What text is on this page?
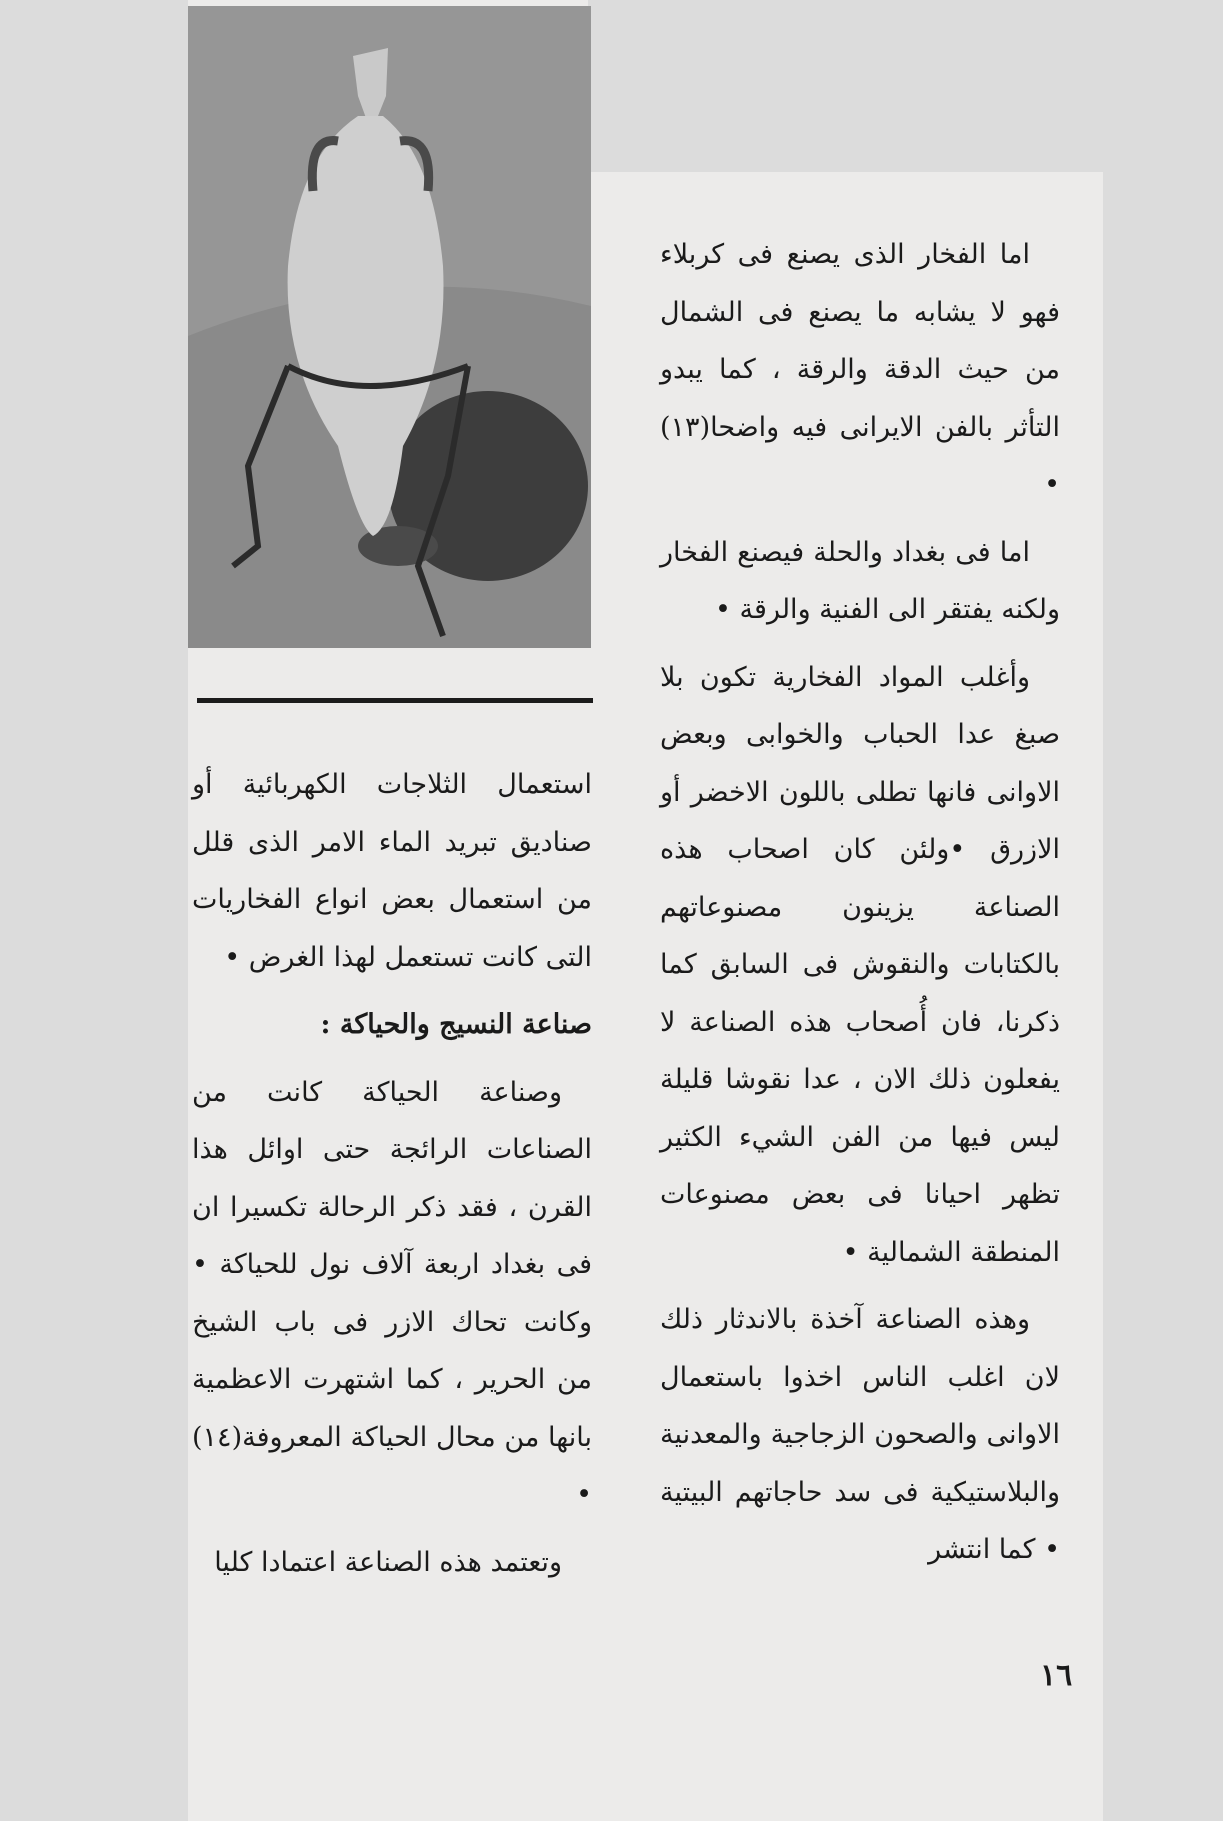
اما الفخار الذى يصنع فى كربلاء فهو لا يشابه ما يصنع فى الشمال من حيث الدقة والرقة ، كما يبدو التأثر بالفن الايرانى فيه واضحا(١٣) •

اما فى بغداد والحلة فيصنع الفخار ولكنه يفتقر الى الفنية والرقة •

وأغلب المواد الفخارية تكون بلا صبغ عدا الحباب والخوابى وبعض الاوانى فانها تطلى باللون الاخضر أو الازرق •ولئن كان اصحاب هذه الصناعة يزينون مصنوعاتهم بالكتابات والنقوش فى السابق كما ذكرنا، فان أُصحاب هذه الصناعة لا يفعلون ذلك الان ، عدا نقوشا قليلة ليس فيها من الفن الشيء الكثير تظهر احيانا فى بعض مصنوعات المنطقة الشمالية •

وهذه الصناعة آخذة بالاندثار ذلك لان اغلب الناس اخذوا باستعمال الاوانى والصحون الزجاجية والمعدنية والبلاستيكية فى سد حاجاتهم البيتية • كما انتشر

استعمال الثلاجات الكهربائية أو صناديق تبريد الماء الامر الذى قلل من استعمال بعض انواع الفخاريات التى كانت تستعمل لهذا الغرض •

صناعة النسيج والحياكة :

وصناعة الحياكة كانت من الصناعات الرائجة حتى اوائل هذا القرن ، فقد ذكر الرحالة تكسيرا ان فى بغداد اربعة آلاف نول للحياكة • وكانت تحاك الازر فى باب الشيخ من الحرير ، كما اشتهرت الاعظمية بانها من محال الحياكة المعروفة(١٤) •

وتعتمد هذه الصناعة اعتمادا كليا

١٦
